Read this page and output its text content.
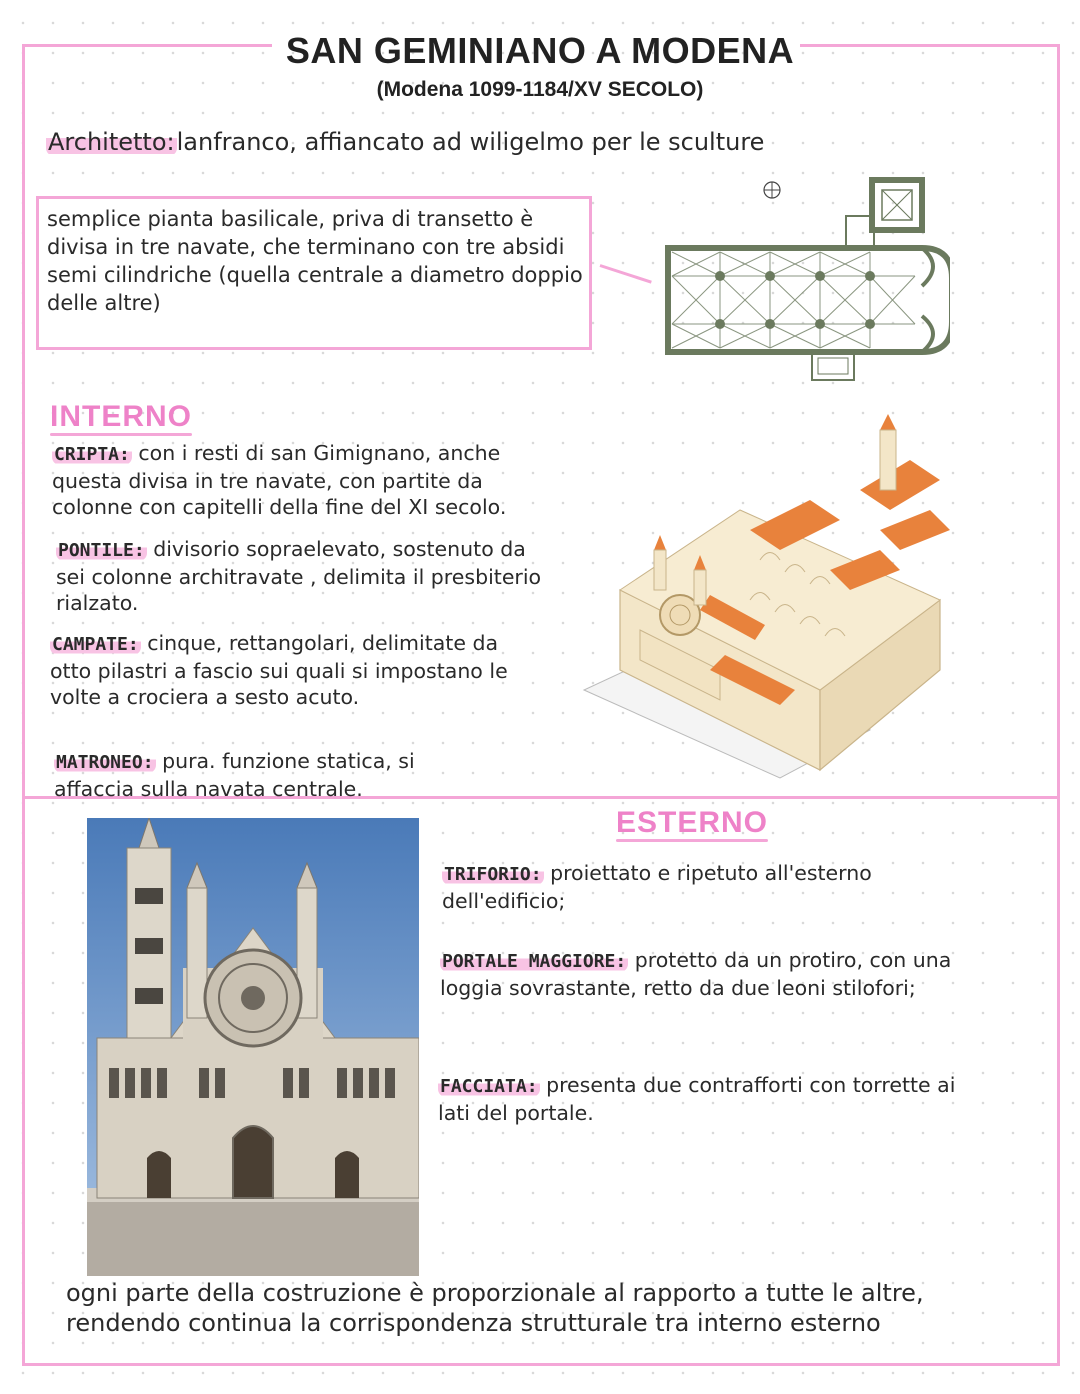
SAN GEMINIANO A MODENA
(Modena 1099-1184/XV SECOLO)
Architetto:lanfranco, affiancato ad wiligelmo per le sculture
semplice pianta basilicale, priva di transetto è divisa in tre navate, che terminano con tre absidi semi cilindriche (quella centrale a diametro doppio delle altre)
INTERNO
CRIPTA: con i resti di san Gimignano, anche questa divisa in tre navate, con partite da colonne con capitelli della fine del XI secolo.
PONTILE: divisorio sopraelevato, sostenuto da sei colonne architravate , delimita il presbiterio rialzato.
CAMPATE: cinque, rettangolari, delimitate da otto pilastri a fascio sui quali si impostano le volte a crociera a sesto acuto.
MATRONEO: pura. funzione statica, si affaccia sulla navata centrale.
ESTERNO
TRIFORIO: proiettato e ripetuto all'esterno dell'edificio;
PORTALE MAGGIORE: protetto da un protiro, con una loggia sovrastante, retto da due leoni stilofori;
FACCIATA: presenta due contrafforti con torrette ai lati del portale.
ogni parte della costruzione è proporzionale al rapporto a tutte le altre, rendendo continua la corrispondenza strutturale tra interno esterno
